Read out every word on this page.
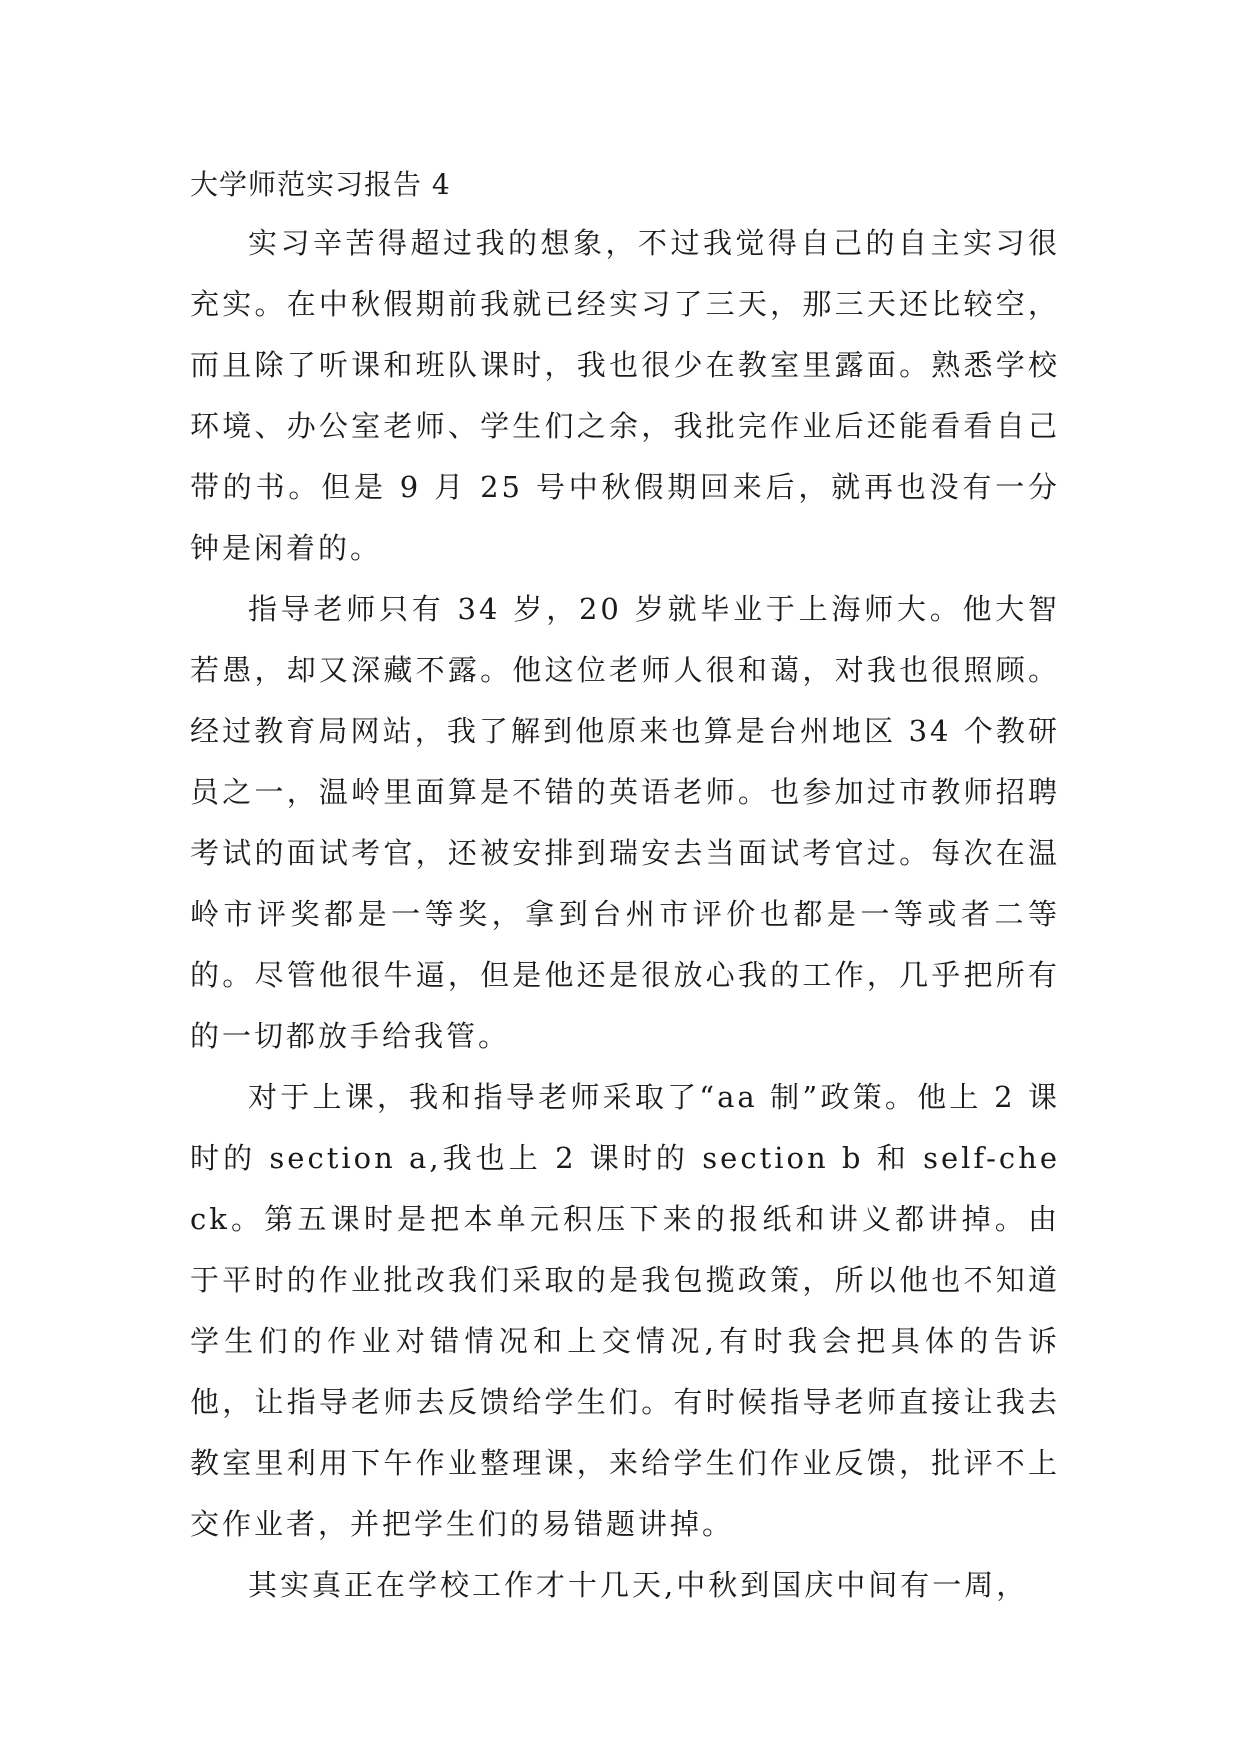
大学师范实习报告 4

实习辛苦得超过我的想象，不过我觉得自己的自主实习很充实。在中秋假期前我就已经实习了三天，那三天还比较空，而且除了听课和班队课时，我也很少在教室里露面。熟悉学校环境、办公室老师、学生们之余，我批完作业后还能看看自己带的书。但是 9 月 25 号中秋假期回来后，就再也没有一分钟是闲着的。

指导老师只有 34 岁，20 岁就毕业于上海师大。他大智若愚，却又深藏不露。他这位老师人很和蔼，对我也很照顾。经过教育局网站，我了解到他原来也算是台州地区 34 个教研员之一，温岭里面算是不错的英语老师。也参加过市教师招聘考试的面试考官，还被安排到瑞安去当面试考官过。每次在温岭市评奖都是一等奖，拿到台州市评价也都是一等或者二等的。尽管他很牛逼，但是他还是很放心我的工作，几乎把所有的一切都放手给我管。

对于上课，我和指导老师采取了“aa 制”政策。他上 2 课时的 section a,我也上 2 课时的 section b 和 self-check。第五课时是把本单元积压下来的报纸和讲义都讲掉。由于平时的作业批改我们采取的是我包揽政策，所以他也不知道学生们的作业对错情况和上交情况,有时我会把具体的告诉他，让指导老师去反馈给学生们。有时候指导老师直接让我去教室里利用下午作业整理课，来给学生们作业反馈，批评不上交作业者，并把学生们的易错题讲掉。

其实真正在学校工作才十几天,中秋到国庆中间有一周，
